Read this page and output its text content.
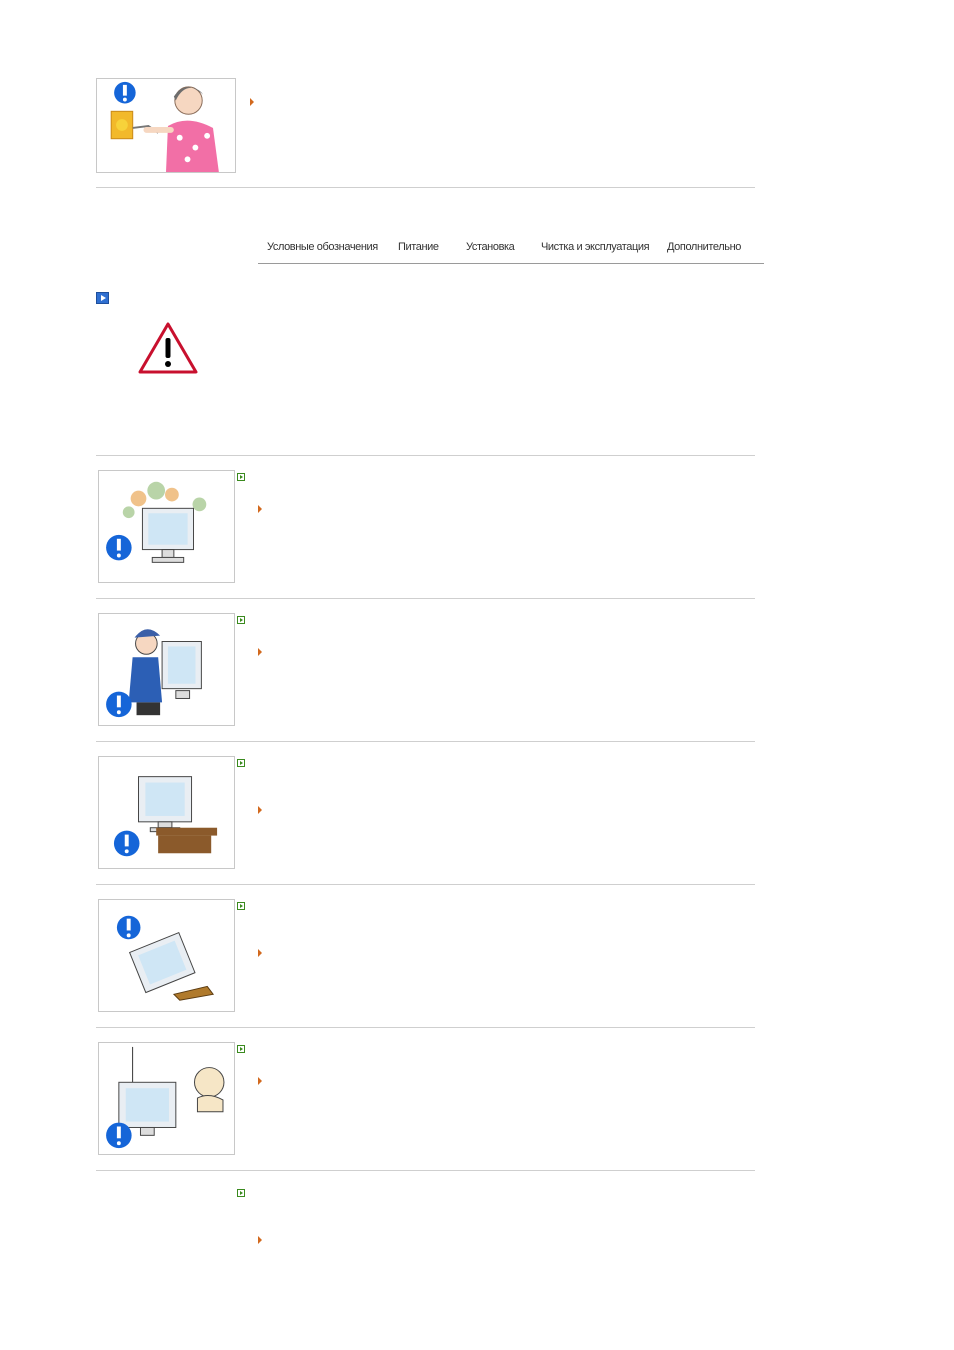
Условные обозначения Питание Установка Чистка и эксплуатация Дополнительно
